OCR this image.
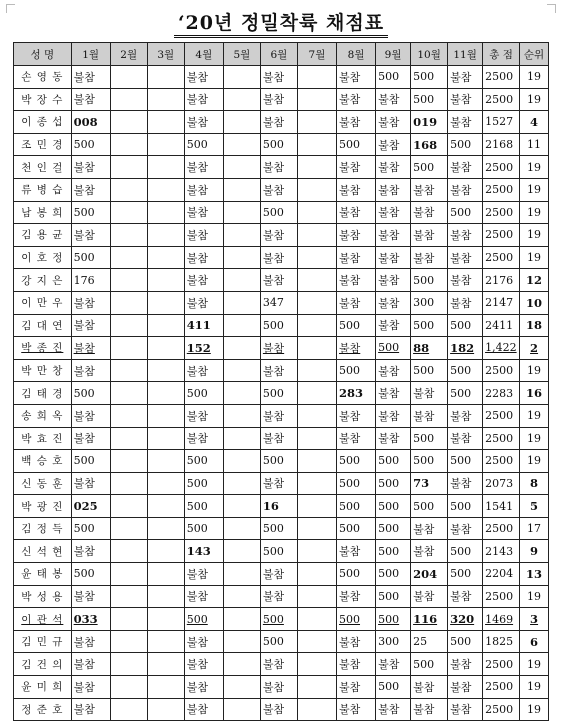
‘20년 정밀착륙 채점표
성 명	1월	2월	3월	4월	5월	6월	7월	8월	9월	10월	11월	총 점	순위
손 영 동	불참			불참		불참		불참	500	500	불참	2500	19
박 장 수	불참			불참		불참		불참	불참	500	불참	2500	19
이 종 섭	008			불참		불참		불참	불참	019	불참	1527	4
조 민 경	500			500		500		500	불참	168	500	2168	11
천 인 걸	불참			불참		불참		불참	불참	500	불참	2500	19
류 병 습	불참			불참		불참		불참	불참	불참	불참	2500	19
남 봉 희	500			불참		500		불참	불참	불참	500	2500	19
김 용 균	불참			불참		불참		불참	불참	불참	불참	2500	19
이 호 정	500			불참		불참		불참	불참	불참	불참	2500	19
강 지 은	176			불참		불참		불참	불참	500	불참	2176	12
이 만 우	불참			불참		347		불참	불참	300	불참	2147	10
김 대 연	불참			411		500		500	불참	500	500	2411	18
박 종 진	불참			152		불참		불참	500	88	182	1,422	2
박 만 창	불참			불참		불참		500	불참	500	500	2500	19
김 태 경	500			500		500		283	불참	불참	500	2283	16
송 희 옥	불참			불참		불참		불참	불참	불참	불참	2500	19
박 효 진	불참			불참		불참		불참	불참	500	불참	2500	19
백 승 호	500			500		500		500	500	500	500	2500	19
신 동 훈	불참			500		불참		500	500	73	불참	2073	8
박 광 진	025			500		16		500	500	500	500	1541	5
김 정 득	500			500		500		500	500	불참	불참	2500	17
신 석 현	불참			143		500		불참	500	불참	500	2143	9
윤 태 봉	500			불참		불참		500	500	204	500	2204	13
박 성 용	불참			불참		불참		불참	500	불참	불참	2500	19
이 관 석	033			500		500		500	500	116	320	1469	3
김 민 규	불참			불참		500		불참	300	25	500	1825	6
김 건 의	불참			불참		불참		불참	불참	500	불참	2500	19
윤 미 희	불참			불참		불참		불참	500	불참	불참	2500	19
정 준 호	불참			불참		불참		불참	불참	불참	불참	2500	19
